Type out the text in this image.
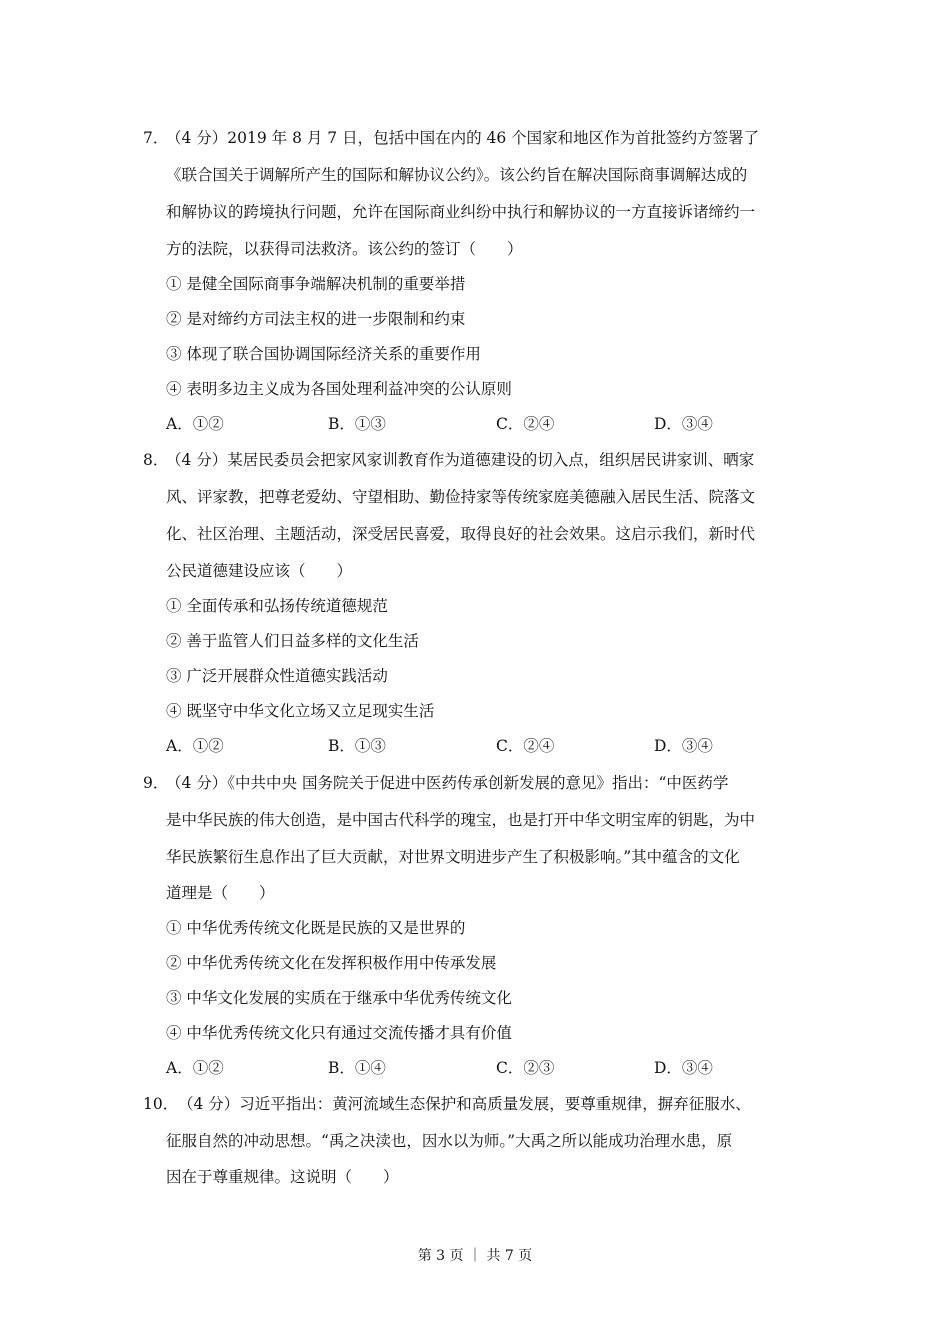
7．
（4 分）2019 年 8 月 7 日，包括中国在内的 46 个国家和地区作为首批签约方签署了
《联合国关于调解所产生的国际和解协议公约》。该公约旨在解决国际商事调解达成的
和解协议的跨境执行问题，允许在国际商业纠纷中执行和解协议的一方直接诉诸缔约一
方的法院，以获得司法救济。该公约的签订（　　）
① 是健全国际商事争端解决机制的重要举措
② 是对缔约方司法主权的进一步限制和约束
③ 体现了联合国协调国际经济关系的重要作用
④ 表明多边主义成为各国处理利益冲突的公认原则
A．①②	B．①③	C．②④	D．③④
8．
（4 分）某居民委员会把家风家训教育作为道德建设的切入点，组织居民讲家训、晒家
风、评家教，把尊老爱幼、守望相助、勤俭持家等传统家庭美德融入居民生活、院落文
化、社区治理、主题活动，深受居民喜爱，取得良好的社会效果。这启示我们，新时代
公民道德建设应该（　　）
① 全面传承和弘扬传统道德规范
② 善于监管人们日益多样的文化生活
③ 广泛开展群众性道德实践活动
④ 既坚守中华文化立场又立足现实生活
A．①②	B．①③	C．②④	D．③④
9．
（4 分）《中共中央 国务院关于促进中医药传承创新发展的意见》指出：“中医药学
是中华民族的伟大创造，是中国古代科学的瑰宝，也是打开中华文明宝库的钥匙，为中
华民族繁衍生息作出了巨大贡献，对世界文明进步产生了积极影响。”其中蕴含的文化
道理是（　　）
① 中华优秀传统文化既是民族的又是世界的
② 中华优秀传统文化在发挥积极作用中传承发展
③ 中华文化发展的实质在于继承中华优秀传统文化
④ 中华优秀传统文化只有通过交流传播才具有价值
A．①②	B．①④	C．②③	D．③④
10． （4 分）习近平指出：黄河流域生态保护和高质量发展，要尊重规律，摒弃征服水、
征服自然的冲动思想。“禹之决渎也，因水以为师。”大禹之所以能成功治理水患，原
因在于尊重规律。这说明（　　）
第 3 页 ｜ 共 7 页
